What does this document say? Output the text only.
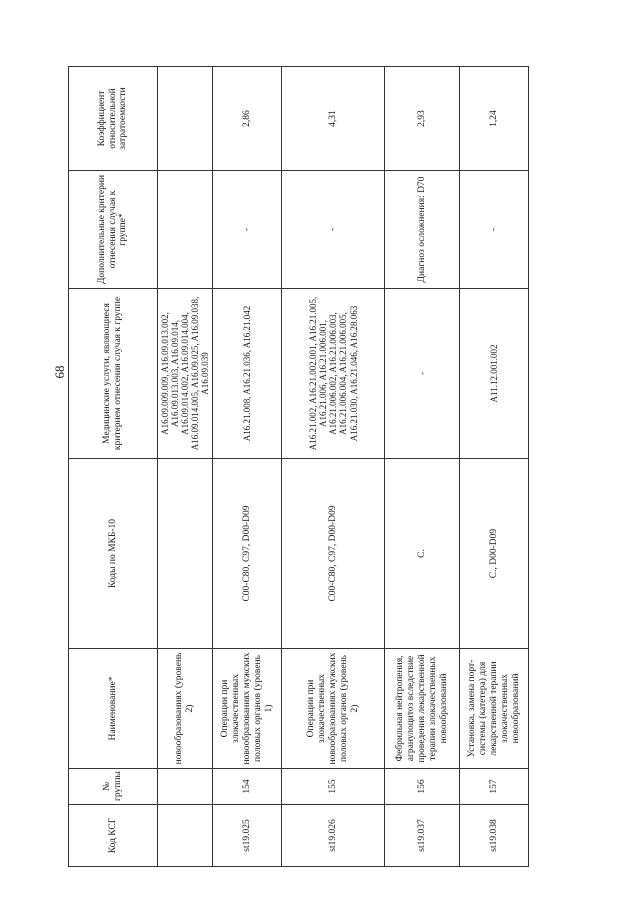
68
Код КСГ	№ группы	Наименование*	Коды по МКБ-10	Медицинские услуги, являющиеся критерием отнесения случая к группе	Дополнительные критерии отнесения случая к группе*	Коэффициент относительной затратоемкости
		новообразованиях (уровень 2)		A16.09.009.009, A16.09.013.002, A16.09.013.003, A16.09.014, A16.09.014.002, A16.09.014.004, A16.09.014.005, A16.09.025, A16.09.038, A16.09.039		
st19.025	154	Операции при злокачественных новообразованиях мужских половых органов (уровень 1)	C00-C80, C97, D00-D09	A16.21.008, A16.21.036, A16.21.042	-	2,86
st19.026	155	Операции при злокачественных новообразованиях мужских половых органов (уровень 2)	C00-C80, C97, D00-D09	A16.21.002, A16.21.002.001, A16.21.005, A16.21.006, A16.21.006.001, A16.21.006.002, A16.21.006.003, A16.21.006.004, A16.21.006.005, A16.21.030, A16.21.046, A16.28.063	-	4,31
st19.037	156	Фебрильная нейтропения, агранулоцитоз вследствие проведения лекарственной терапии злокачественных новообразований	C.	-	Диагноз осложнения: D70	2,93
st19.038	157	Установка, замена порт-системы (катетера) для лекарственной терапии злокачественных новообразований	C., D00-D09	A11.12.001.002	-	1,24
